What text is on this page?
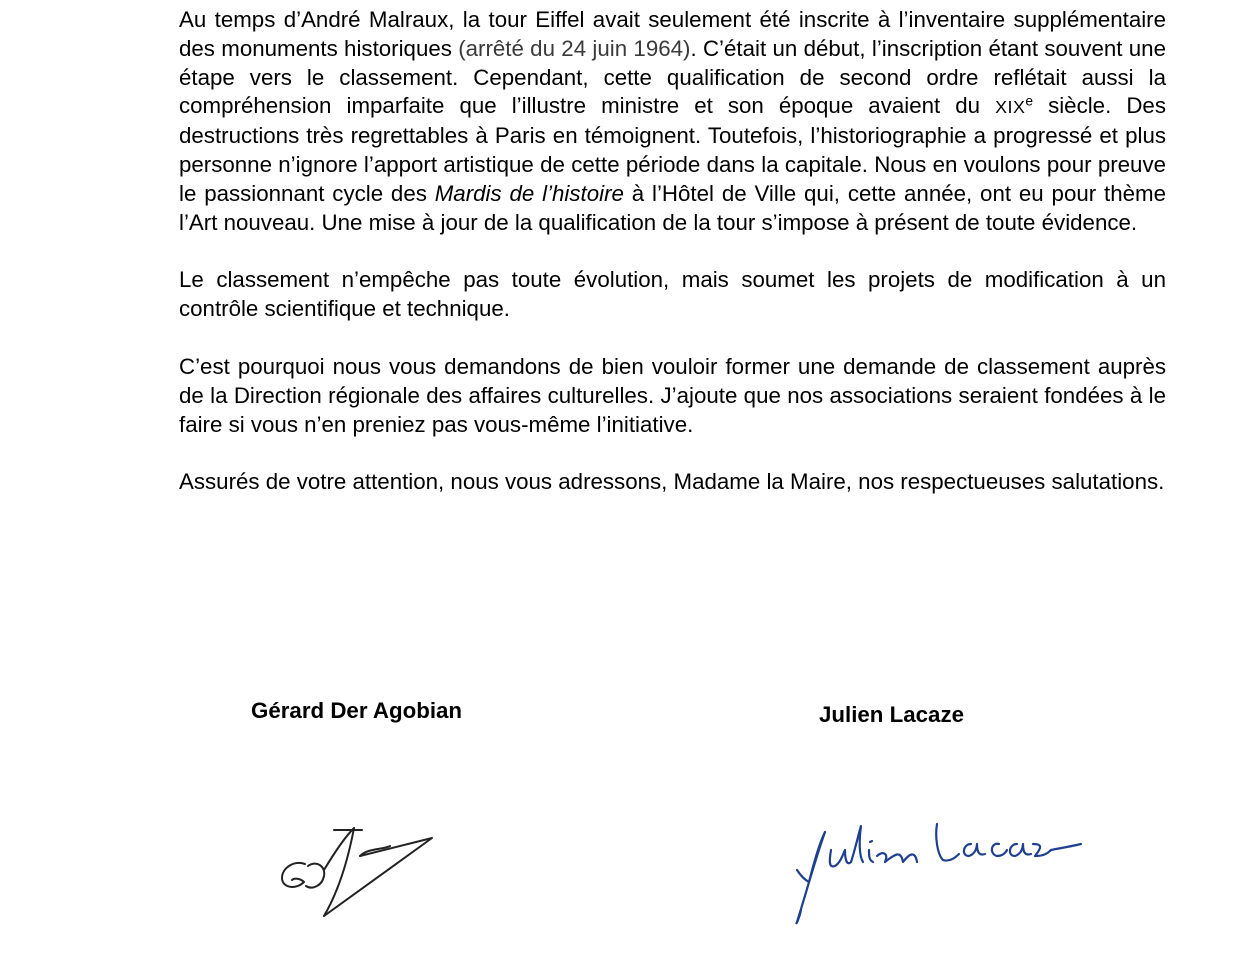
Au temps d’André Malraux, la tour Eiffel avait seulement été inscrite à l’inventaire supplémentaire des monuments historiques (arrêté du 24 juin 1964). C’était un début, l’inscription étant souvent une étape vers le classement. Cependant, cette qualification de second ordre reflétait aussi la compréhension imparfaite que l’illustre ministre et son époque avaient du XIXe siècle. Des destructions très regrettables à Paris en témoignent. Toutefois, l’historiographie a progressé et plus personne n’ignore l’apport artistique de cette période dans la capitale. Nous en voulons pour preuve le passionnant cycle des Mardis de l’histoire à l’Hôtel de Ville qui, cette année, ont eu pour thème l’Art nouveau. Une mise à jour de la qualification de la tour s’impose à présent de toute évidence.

Le classement n’empêche pas toute évolution, mais soumet les projets de modification à un contrôle scientifique et technique.

C’est pourquoi nous vous demandons de bien vouloir former une demande de classement auprès de la Direction régionale des affaires culturelles. J’ajoute que nos associations seraient fondées à le faire si vous n’en preniez pas vous-même l’initiative.

Assurés de votre attention, nous vous adressons, Madame la Maire, nos respectueuses salutations.

Gérard Der Agobian	Julien Lacaze
